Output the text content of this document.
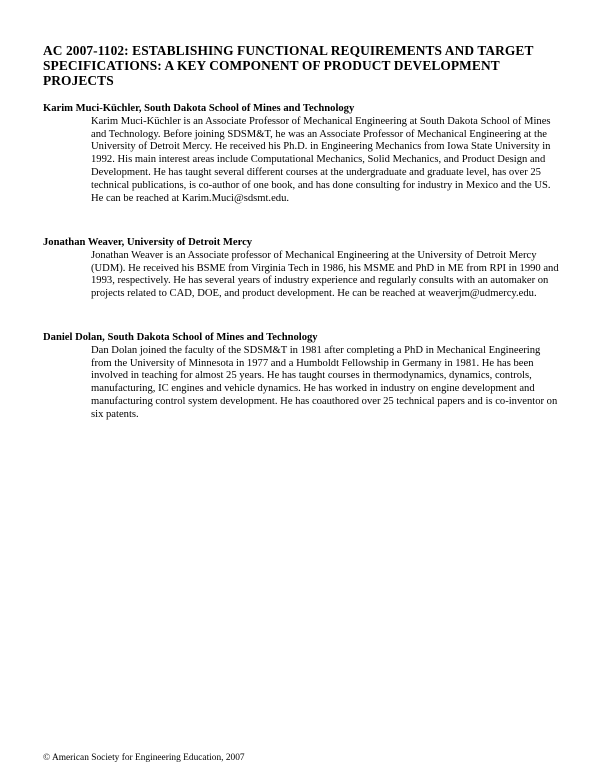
AC 2007-1102: ESTABLISHING FUNCTIONAL REQUIREMENTS AND TARGET SPECIFICATIONS: A KEY COMPONENT OF PRODUCT DEVELOPMENT PROJECTS

Karim Muci-Küchler, South Dakota School of Mines and Technology

Karim Muci-Küchler is an Associate Professor of Mechanical Engineering at South Dakota School of Mines and Technology. Before joining SDSM&T, he was an Associate Professor of Mechanical Engineering at the University of Detroit Mercy. He received his Ph.D. in Engineering Mechanics from Iowa State University in 1992. His main interest areas include Computational Mechanics, Solid Mechanics, and Product Design and Development. He has taught several different courses at the undergraduate and graduate level, has over 25 technical publications, is co-author of one book, and has done consulting for industry in Mexico and the US. He can be reached at Karim.Muci@sdsmt.edu.

Jonathan Weaver, University of Detroit Mercy

Jonathan Weaver is an Associate professor of Mechanical Engineering at the University of Detroit Mercy (UDM). He received his BSME from Virginia Tech in 1986, his MSME and PhD in ME from RPI in 1990 and 1993, respectively. He has several years of industry experience and regularly consults with an automaker on projects related to CAD, DOE, and product development. He can be reached at weaverjm@udmercy.edu.

Daniel Dolan, South Dakota School of Mines and Technology

Dan Dolan joined the faculty of the SDSM&T in 1981 after completing a PhD in Mechanical Engineering from the University of Minnesota in 1977 and a Humboldt Fellowship in Germany in 1981. He has been involved in teaching for almost 25 years. He has taught courses in thermodynamics, dynamics, controls, manufacturing, IC engines and vehicle dynamics. He has worked in industry on engine development and manufacturing control system development. He has coauthored over 25 technical papers and is co-inventor on six patents.

© American Society for Engineering Education, 2007
